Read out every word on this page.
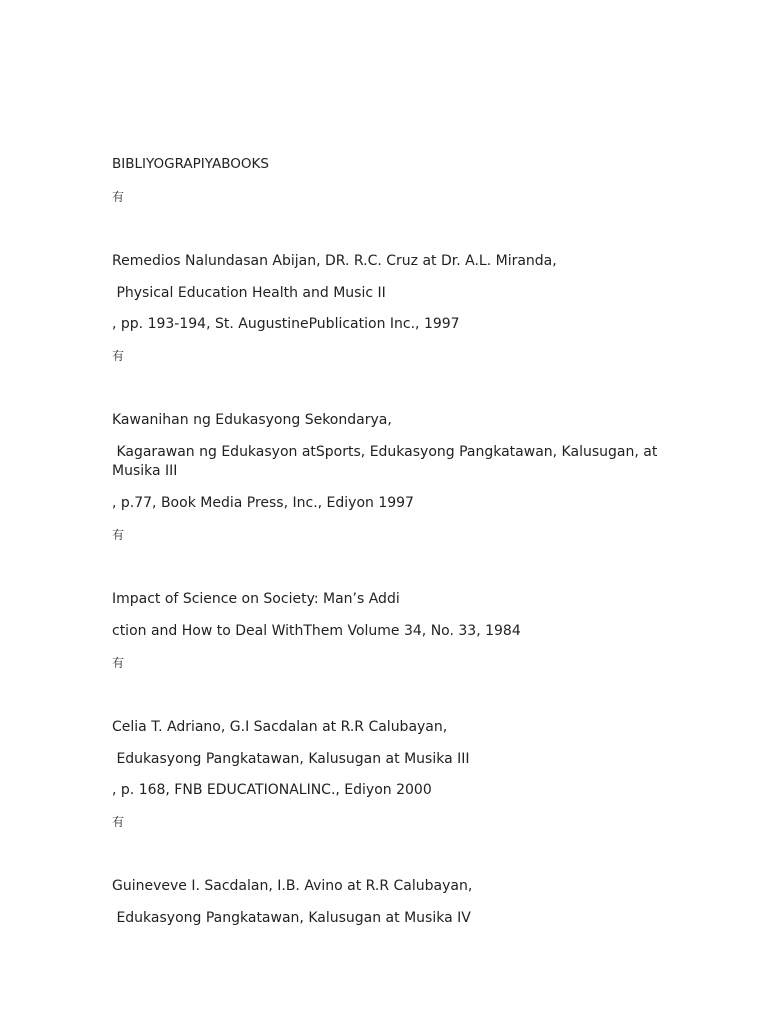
BIBLIYOGRAPIYABOOKS

有

Remedios Nalundasan Abijan, DR. R.C. Cruz at Dr. A.L. Miranda,

Physical Education Health and Music II

, pp. 193-194, St. AugustinePublication Inc., 1997

有

Kawanihan ng Edukasyong Sekondarya,

Kagarawan ng Edukasyon atSports, Edukasyong Pangkatawan, Kalusugan, at Musika III

, p.77, Book Media Press, Inc., Ediyon 1997

有

Impact of Science on Society: Man’s Addi

ction and How to Deal WithThem Volume 34, No. 33, 1984

有

Celia T. Adriano, G.I Sacdalan at R.R Calubayan,

Edukasyong Pangkatawan, Kalusugan at Musika III

, p. 168, FNB EDUCATIONALINC., Ediyon 2000

有

Guineveve I. Sacdalan, I.B. Avino at R.R Calubayan,

Edukasyong Pangkatawan, Kalusugan at Musika IV
